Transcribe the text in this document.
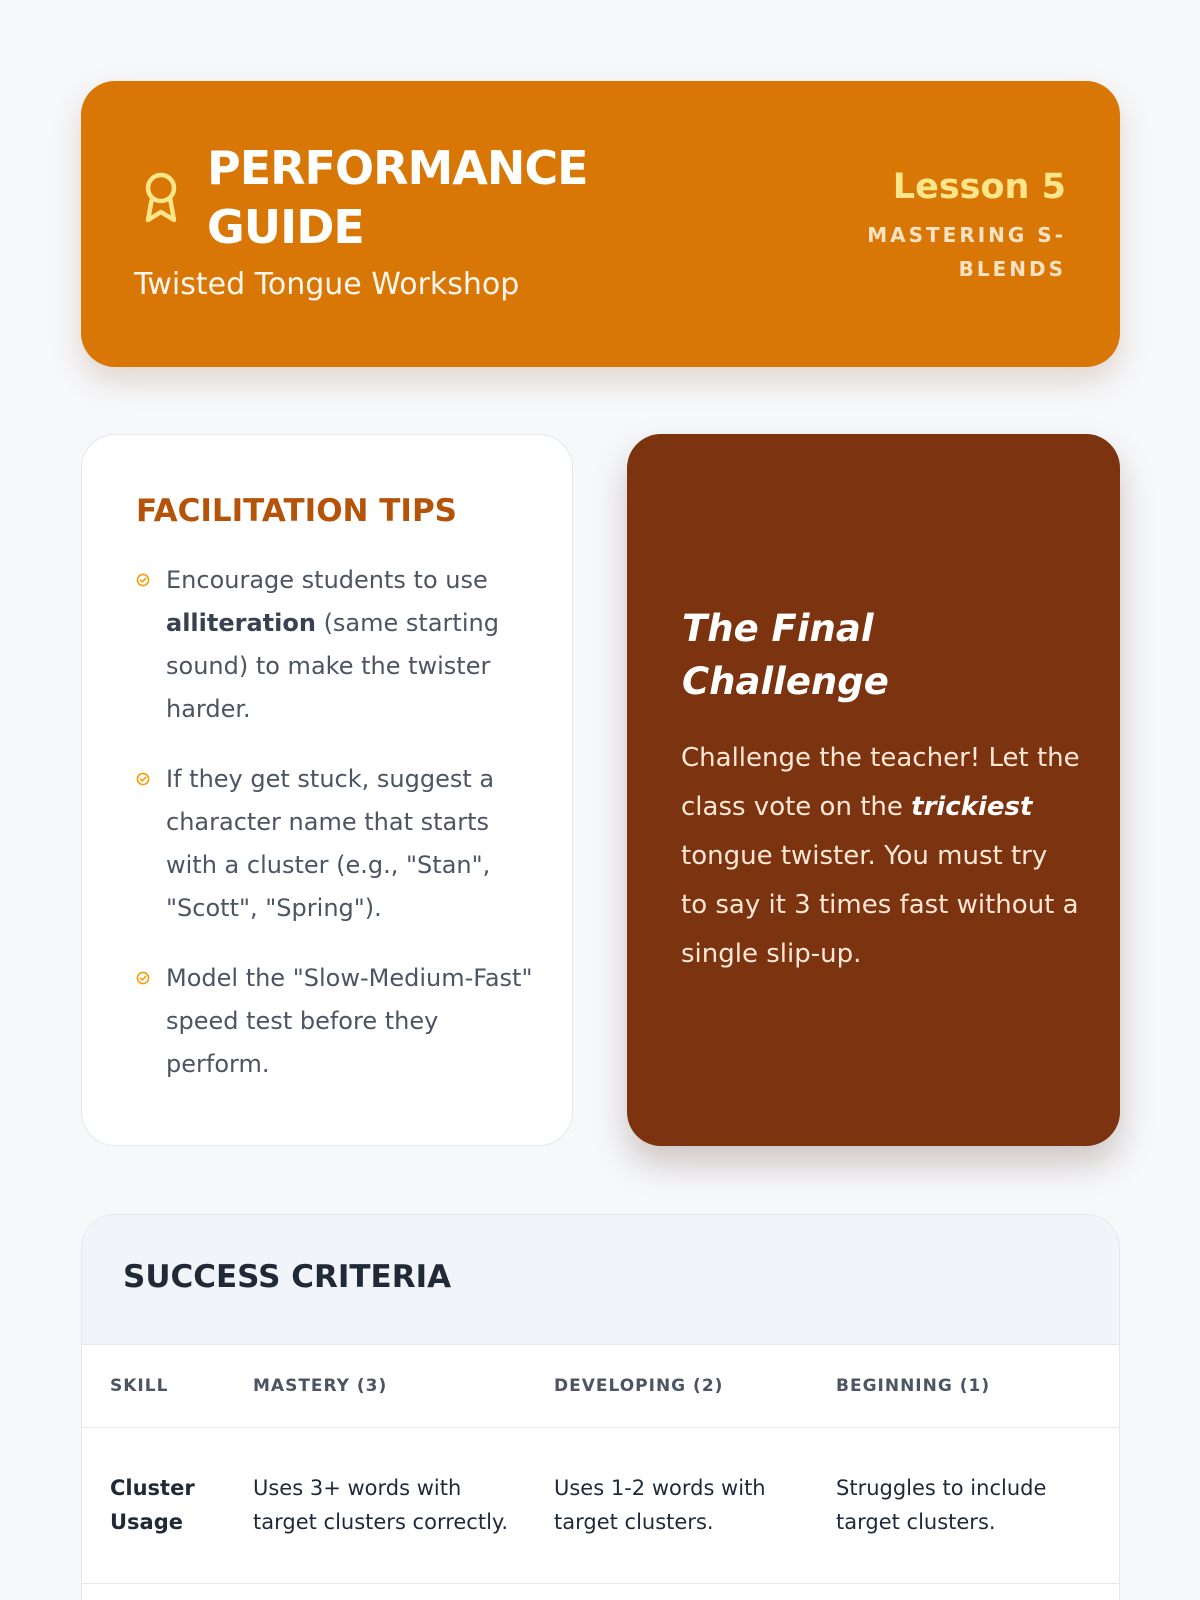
PERFORMANCE GUIDE
Twisted Tongue Workshop
Lesson 5
MASTERING S-BLENDS
FACILITATION TIPS
Encourage students to use alliteration (same starting sound) to make the twister harder.
If they get stuck, suggest a character name that starts with a cluster (e.g., "Stan", "Scott", "Spring").
Model the "Slow-Medium-Fast" speed test before they perform.
The Final Challenge
Challenge the teacher! Let the class vote on the trickiest tongue twister. You must try to say it 3 times fast without a single slip-up.
SUCCESS CRITERIA
SKILL	MASTERY (3)	DEVELOPING (2)	BEGINNING (1)
Cluster Usage	Uses 3+ words with target clusters correctly.	Uses 1-2 words with target clusters.	Struggles to include target clusters.
